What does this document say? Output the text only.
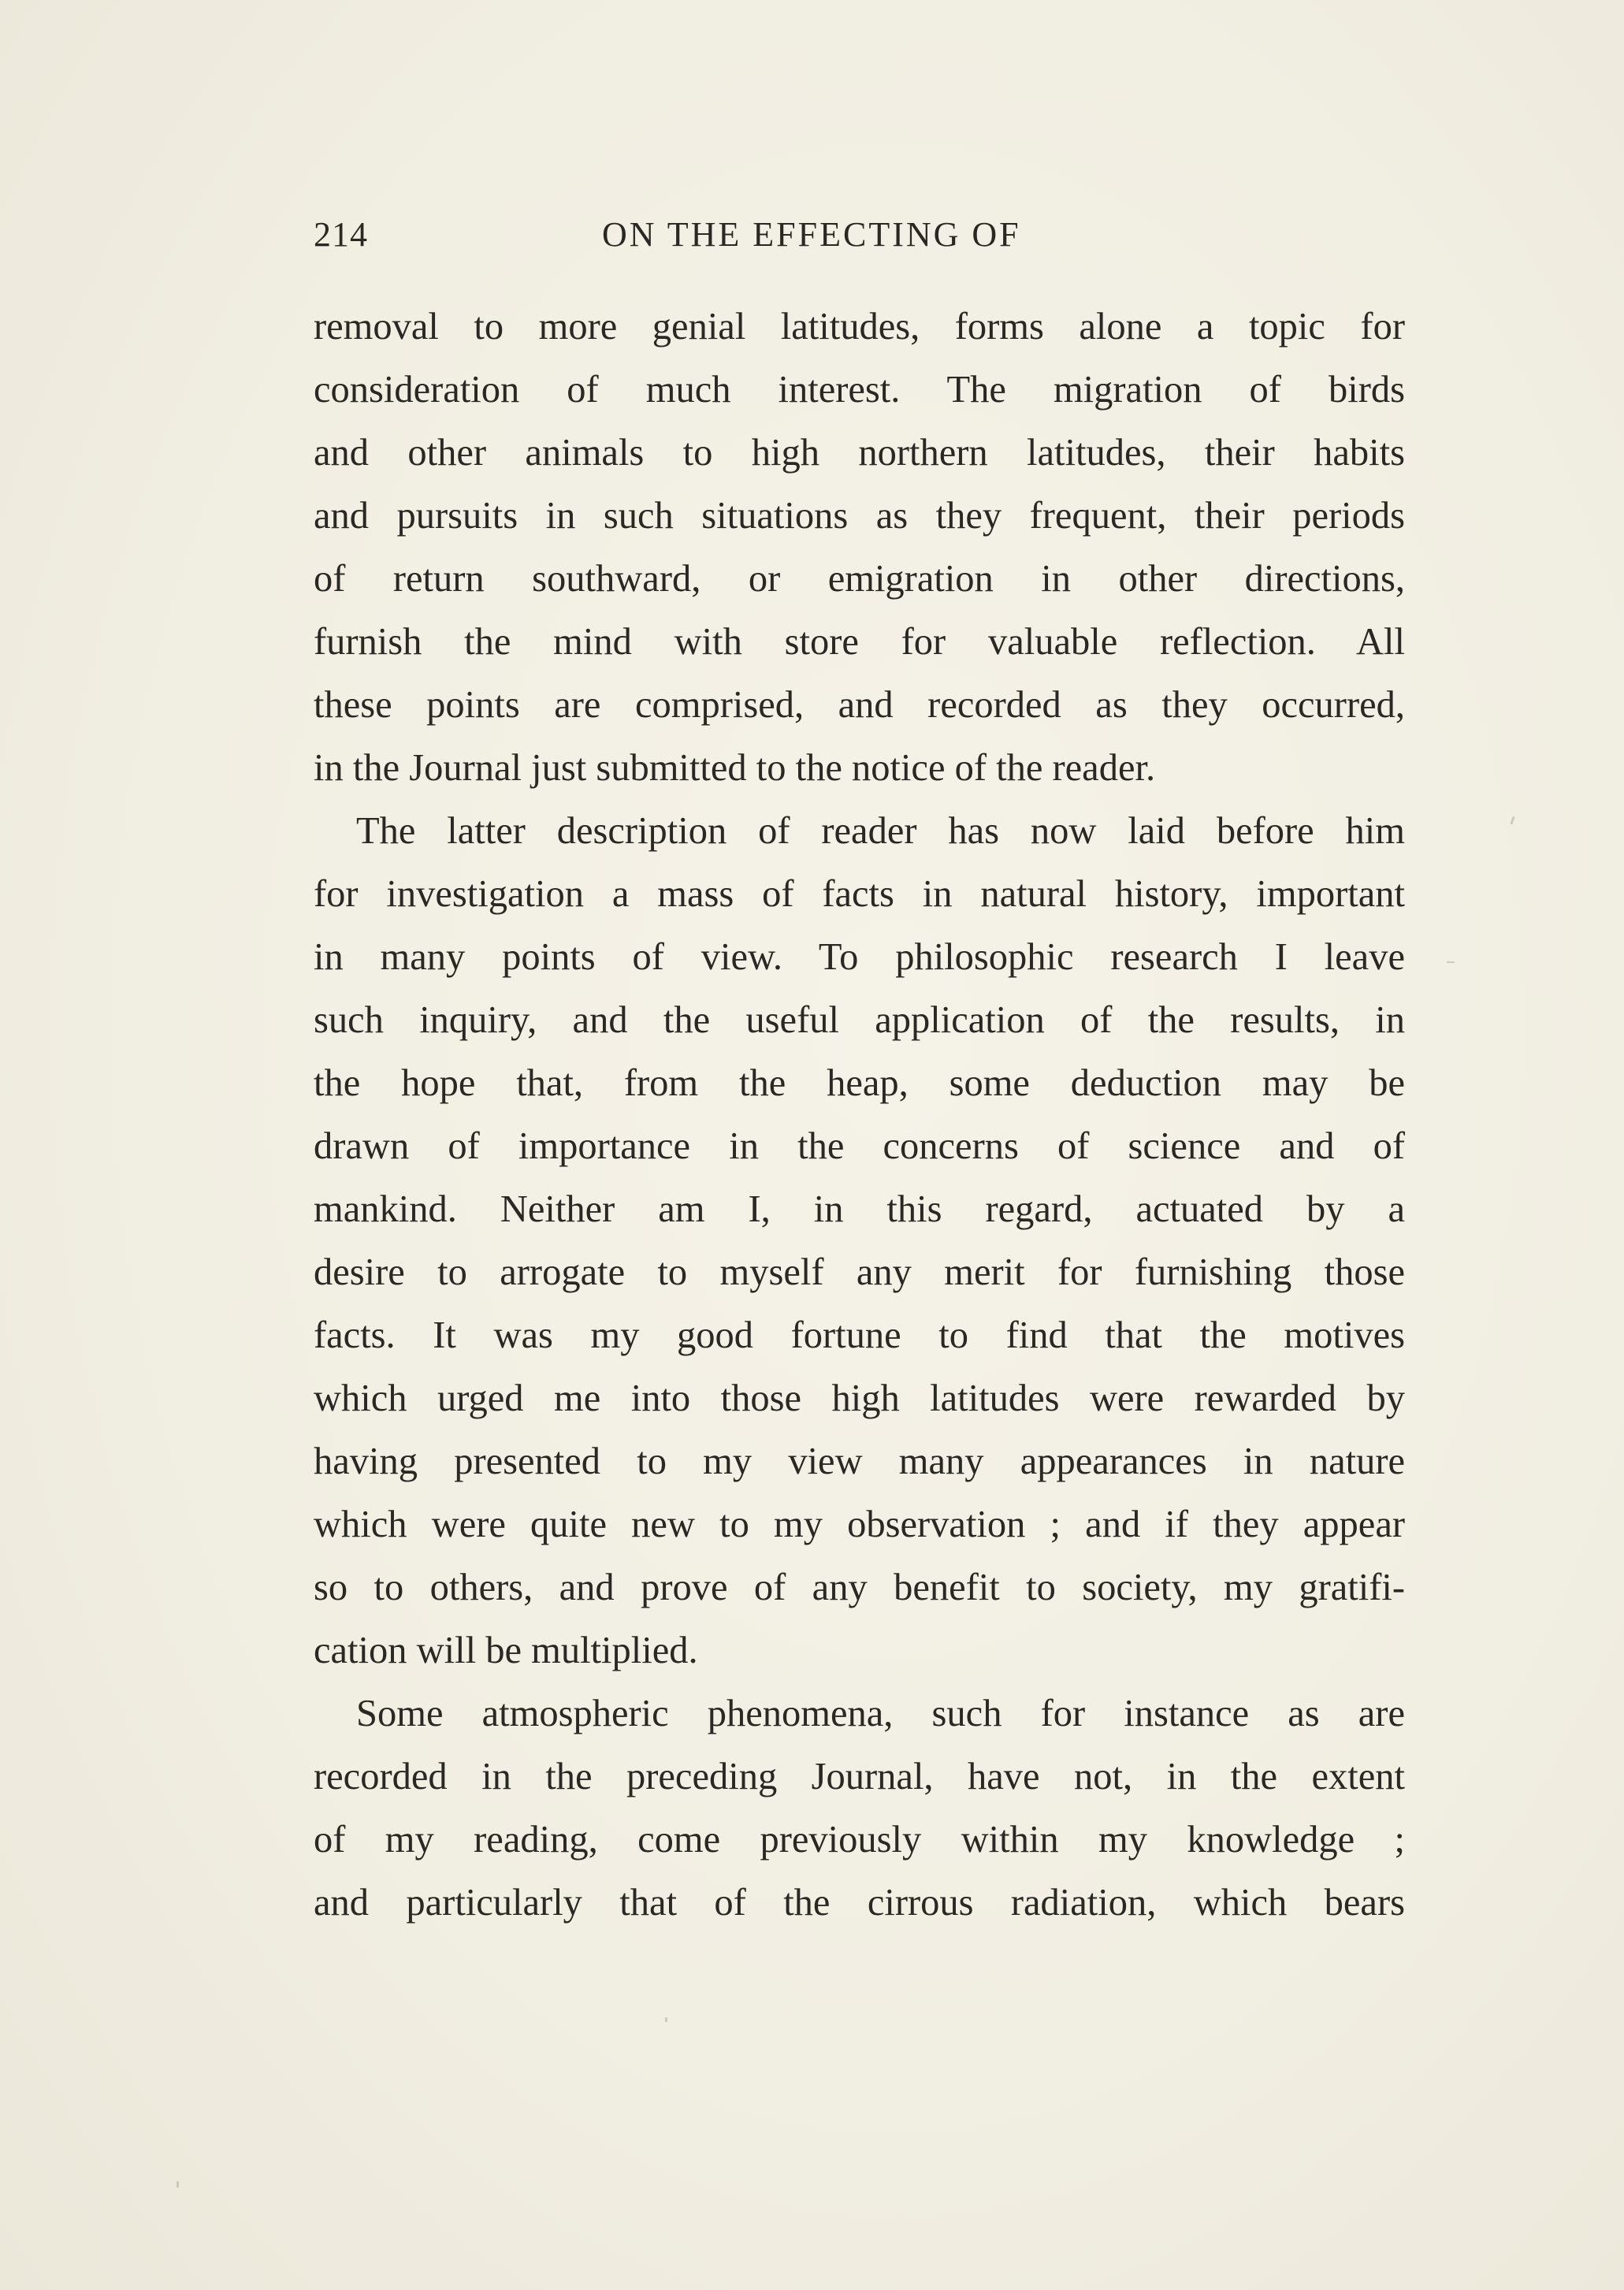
214	ON THE EFFECTING OF
removal to more genial latitudes, forms alone a topic for
consideration of much interest. The migration of birds
and other animals to high northern latitudes, their habits
and pursuits in such situations as they frequent, their periods
of return southward, or emigration in other directions,
furnish the mind with store for valuable reflection. All
these points are comprised, and recorded as they occurred,
in the Journal just submitted to the notice of the reader.
The latter description of reader has now laid before him
for investigation a mass of facts in natural history, important
in many points of view. To philosophic research I leave
such inquiry, and the useful application of the results, in
the hope that, from the heap, some deduction may be
drawn of importance in the concerns of science and of
mankind. Neither am I, in this regard, actuated by a
desire to arrogate to myself any merit for furnishing those
facts. It was my good fortune to find that the motives
which urged me into those high latitudes were rewarded by
having presented to my view many appearances in nature
which were quite new to my observation ; and if they appear
so to others, and prove of any benefit to society, my gratifi-
cation will be multiplied.
Some atmospheric phenomena, such for instance as are
recorded in the preceding Journal, have not, in the extent
of my reading, come previously within my knowledge ;
and particularly that of the cirrous radiation, which bears
